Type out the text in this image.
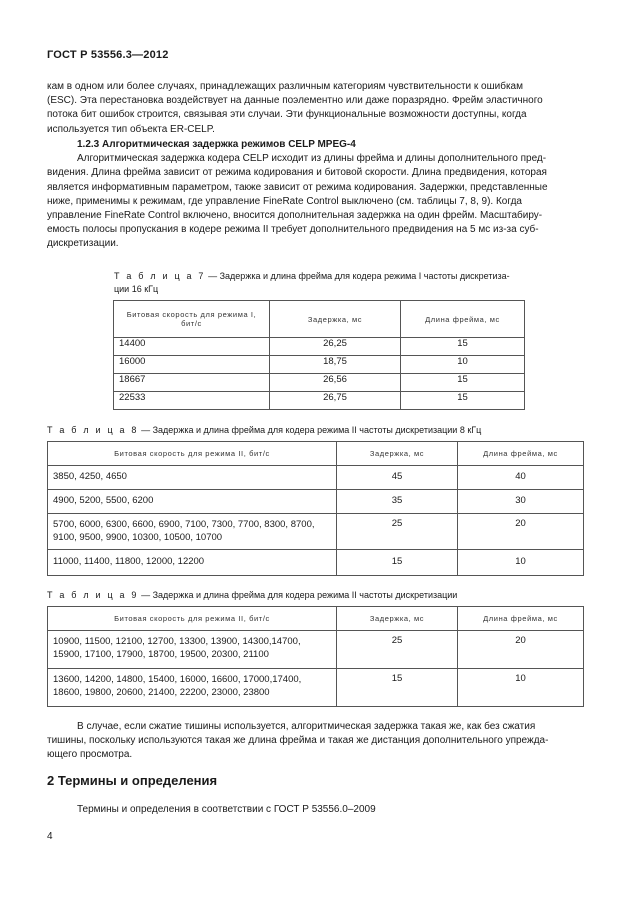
ГОСТ Р 53556.3—2012

кам в одном или более случаях, принадлежащих различным категориям чувствительности к ошибкам

(ESC). Эта перестановка воздействует на данные поэлементно или даже поразрядно. Фрейм эластичного

потока бит ошибок строится, связывая эти случаи. Эти функциональные возможности доступны, когда

используется тип объекта ER-CELP.

1.2.3 Алгоритмическая задержка режимов CELP MPEG-4

Алгоритмическая задержка кодера CELP исходит из длины фрейма и длины дополнительного пред-

видения. Длина фрейма зависит от режима кодирования и битовой скорости. Длина предвидения, которая

является информативным параметром, также зависит от режима кодирования. Задержки, представленные

ниже, применимы к режимам, где управление FineRate Control выключено (см. таблицы 7, 8, 9). Когда

управление FineRate Control включено, вносится дополнительная задержка на один фрейм. Масштабиру-

емость полосы пропускания в кодере режима II требует дополнительного предвидения на 5 мс из-за суб-

дискретизации.

Т а б л и ц а 7 — Задержка и длина фрейма для кодера режима I частоты дискретиза-
ции 16 кГц
Битовая скорость для режима I, бит/с	Задержка, мс	Длина фрейма, мс
14400	26,25	15
16000	18,75	10
18667	26,56	15
22533	26,75	15
Т а б л и ц а 8 — Задержка и длина фрейма для кодера режима II частоты дискретизации 8 кГц
Битовая скорость для режима II, бит/с	Задержка, мс	Длина фрейма, мс
3850, 4250, 4650	45	40
4900, 5200, 5500, 6200	35	30
5700, 6000, 6300, 6600, 6900, 7100, 7300, 7700, 8300, 8700, 9100, 9500, 9900, 10300, 10500, 10700	25	20
11000, 11400, 11800, 12000, 12200	15	10
Т а б л и ц а 9 — Задержка и длина фрейма для кодера режима II частоты дискретизации
Битовая скорость для режима II, бит/с	Задержка, мс	Длина фрейма, мс
10900, 11500, 12100, 12700, 13300, 13900, 14300,14700, 15900, 17100, 17900, 18700, 19500, 20300, 21100	25	20
13600, 14200, 14800, 15400, 16000, 16600, 17000,17400, 18600, 19800, 20600, 21400, 22200, 23000, 23800	15	10

В случае, если сжатие тишины используется, алгоритмическая задержка такая же, как без сжатия

тишины, поскольку используются такая же длина фрейма и такая же дистанция дополнительного упрежда-

ющего просмотра.

2 Термины и определения
Термины и определения в соответствии с ГОСТ Р 53556.0–2009
4
